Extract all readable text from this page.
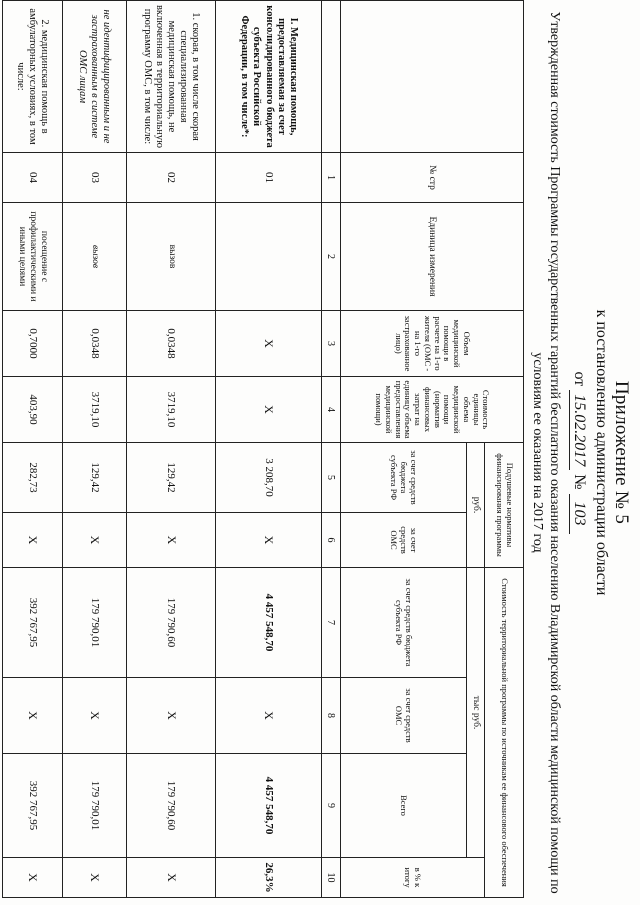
Приложение № 5
к постановлению администрации области
от 15.02.2017 № 103
Утвержденная стоимость Программы государственных гарантий бесплатного оказания населению Владимирской области медицинской помощи по
условиям ее оказания на 2017 год
	№ стр	Единица измерения	Объем медицинской помощи в расчете на 1-го жителя (ОМС - на 1-го застрахованное лицо)	Стоимость единицы объема медицинской помощи (норматив финансовых затрат на единицу объема предоставления медицинской помощи)	Подушевые нормативы финансирования программы		Стоимость территориальной программы по источникам ее финансового обеспечения			
					руб.		тыс руб.			в % к итогу
					за счет средств бюджета субъекта РФ	за счет средств ОМС	за счет средств бюджета субъекта РФ	за счет средств ОМС	Всего	
	1	2	3	4	5	6	7	8	9	10
I. Медицинская помощь, предоставляемая за счет консолидированного бюджета субъекта Российской Федерации, в том числе*:	01		X	X	3 208,70	X	4 457 548,70	X	4 457 548,70	26,3%
1. скорая, в том числе скорая специализированная медицинская помощь, не включенная в территориальную программу ОМС, в том числе:	02	вызов	0,0348	3719,10	129,42	X	179 790,60	X	179 790,60	X
не идентифицированным и не застрахованным в системе ОМС лицам	03	вызов	0,0348	3719,10	129,42	X	179 790,01	X	179 790,01	X
2. медицинская помощь в амбулаторных условиях, в том числе:	04	посещение с профилактическими и иными целями	0,7000	403,90	282,73	X	392 767,95	X	392 767,95	X
